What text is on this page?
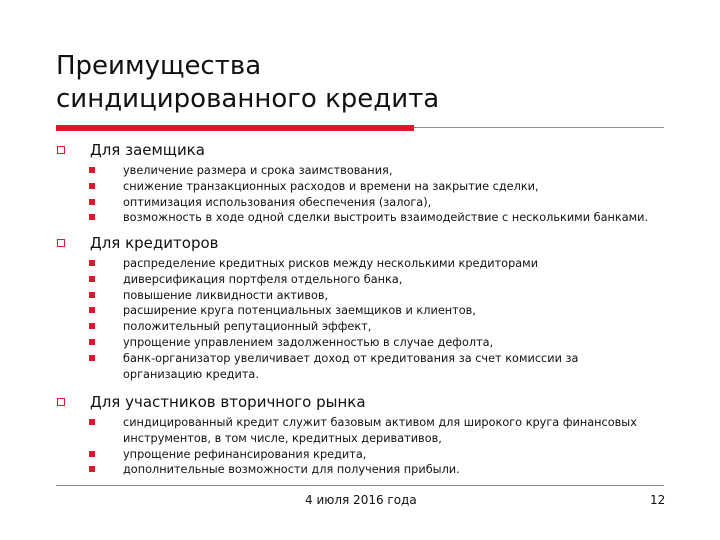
Преимущества
синдицированного кредита
Для заемщика
увеличение размера и срока заимствования,
снижение транзакционных расходов и времени на закрытие сделки,
оптимизация использования обеспечения (залога),
возможность в ходе одной сделки выстроить взаимодействие с несколькими банками.
Для кредиторов
распределение кредитных рисков между несколькими кредиторами
диверсификация портфеля отдельного банка,
повышение ликвидности активов,
расширение круга потенциальных заемщиков и клиентов,
положительный репутационный эффект,
упрощение управлением задолженностью в случае дефолта,
банк-организатор увеличивает доход от кредитования за счет комиссии за
организацию кредита.
Для участников вторичного рынка
синдицированный кредит служит базовым активом для широкого круга финансовых
инструментов, в том числе, кредитных деривативов,
упрощение рефинансирования кредита,
дополнительные возможности для получения прибыли.
4 июля 2016 года	12
